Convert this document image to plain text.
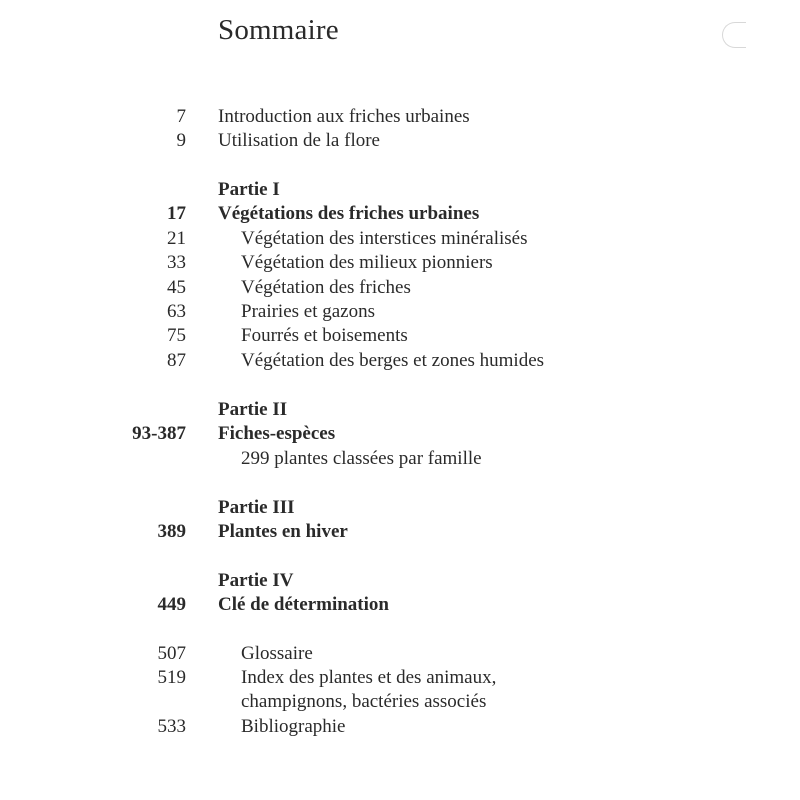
Sommaire
7 Introduction aux friches urbaines
9 Utilisation de la flore
Partie I
17 Végétations des friches urbaines
21	Végétation des interstices minéralisés
33	Végétation des milieux pionniers
45	Végétation des friches
63	Prairies et gazons
75	Fourrés et boisements
87	Végétation des berges et zones humides
Partie II
93-387 Fiches-espèces
299 plantes classées par famille
Partie III
389 Plantes en hiver
Partie IV
449 Clé de détermination
507	Glossaire
519	Index des plantes et des animaux,
champignons, bactéries associés
533	Bibliographie
